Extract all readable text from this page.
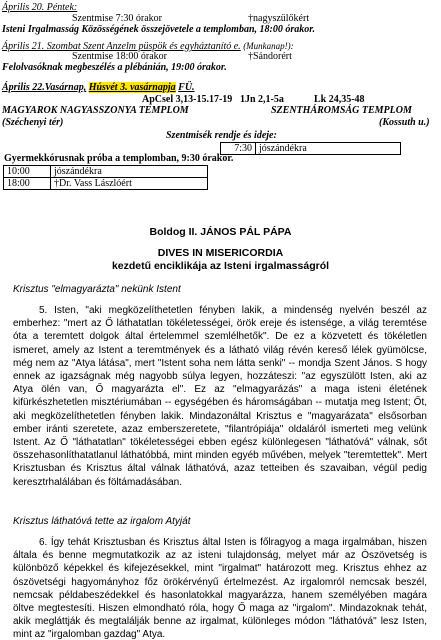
Április 20. Péntek:
Szentmise 7:30 órakor	†nagyszülőkért
Isteni Irgalmasság Közösségének összejövetele a templomban, 18:00 órakor.
Április 21. Szombat Szent Anzelm püspök és egyháztanító e. (Munkanap!):
Szentmise 18:00 órakor	†Sándorért
Felolvasóknak megbeszélés a plébánián, 19:00 órakor.
Április 22.Vasárnap, Húsvét 3. vasárnapja FÜ.
ApCsel 3,13-15.17-19 1Jn 2,1-5a	Lk 24,35-48
MAGYAROK NAGYASSZONYA TEMPLOM	SZENTHÁROMSÁG TEMPLOM
(Széchenyi tér)	(Kossuth u.)
Szentmisék rendje és ideje:
7:30	jószándékra
Gyermekkórusnak próba a templomban, 9:30 órakor.
10:00	jószándékra
18:00	†Dr. Vass Lászlóért
Boldog II. JÁNOS PÁL PÁPA
DIVES IN MISERICORDIA
kezdetű enciklikája az Isteni irgalmasságról
Krisztus "elmagyarázta" nekünk Istent

5. Isten, "aki megközelíthetetlen fényben lakik, a mindenség nyelvén beszél az emberhez: "mert az Ő láthatatlan tökéletességei, örök ereje és istensége, a világ teremtése óta a teremtett dolgok által értelemmel szemlélhetők". De ez a közvetett és tökéletlen ismeret, amely az Istent a teremtmények és a látható világ révén kereső lélek gyümölcse, még nem az "Atya látása", mert "Istent soha nem látta senki" -- mondja Szent János. S hogy ennek az igazságnak még nagyobb súlya legyen, hozzáteszi: "az egyszülött Isten, aki az Atya ölén van, Ő magyarázta el". Ez az "elmagyarázás" a maga isteni életének kifürkészhetetlen misztériumában -- egységében és háromságában -- mutatja meg Istent; Őt, aki megközelíthetetlen fényben lakik. Mindazonáltal Krisztus e "magyarázata" elsősorban ember iránti szeretete, azaz emberszeretete, "filantrópiája" oldaláról ismerteti meg velünk Istent. Az Ő "láthatatlan" tökéletességei ebben egész különlegesen "láthatóvá" válnak, sőt összehasonlíthatatlanul láthatóbbá, mint minden egyéb művében, melyek "teremtettek". Mert Krisztusban és Krisztus által válnak láthatóvá, azaz tetteiben és szavaiban, végül pedig keresztrhalálában és föltámadásában.

Krisztus láthatóvá tette az irgalom Atyját

6. Így tehát Krisztusban és Krisztus által Isten is főlragyog a maga irgalmában, hiszen általa és benne megmutatkozik az az isteni tulajdonság, melyet már az Ószövetség is különböző képekkel és kifejezésekkel, mint "irgalmat" határozott meg. Krisztus ehhez az ószövetségi hagyományhoz főz örökérvényű értelmezést. Az irgalomról nemcsak beszél, nemcsak példabeszédekkel és hasonlatokkal magyarázza, hanem személyében magára öltve megtestesíti. Hiszen elmondható róla, hogy Ő maga az "irgalom". Mindazoknak tehát, akik megláttják és megtalálják benne az irgalmat, különleges módon "láthatóvá" lesz Isten, mint az "irgalomban gazdag" Atya.
